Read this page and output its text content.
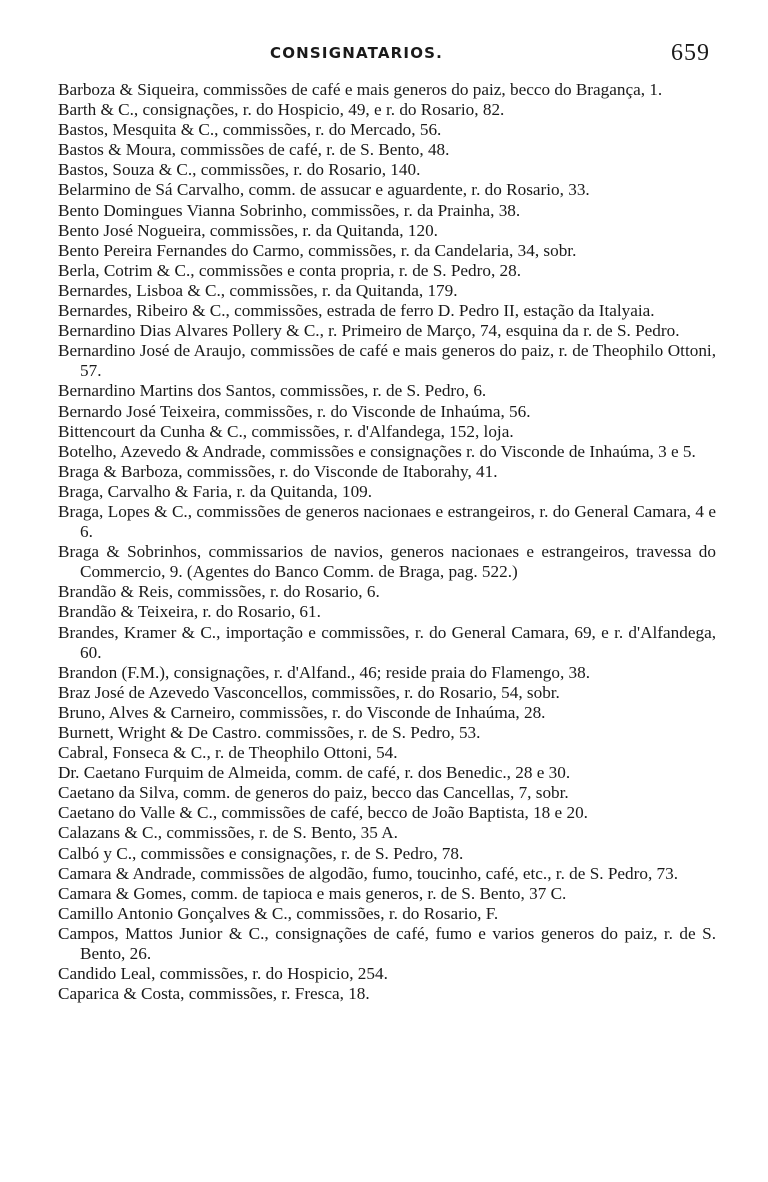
CONSIGNATARIOS.	659

Barboza & Siqueira, commissões de café e mais generos do paiz, becco do Bragança, 1.

Barth & C., consignações, r. do Hospicio, 49, e r. do Rosario, 82.

Bastos, Mesquita & C., commissões, r. do Mercado, 56.

Bastos & Moura, commissões de café, r. de S. Bento, 48.

Bastos, Souza & C., commissões, r. do Rosario, 140.

Belarmino de Sá Carvalho, comm. de assucar e aguardente, r. do Rosario, 33.

Bento Domingues Vianna Sobrinho, commissões, r. da Prainha, 38.

Bento José Nogueira, commissões, r. da Quitanda, 120.

Bento Pereira Fernandes do Carmo, commissões, r. da Candelaria, 34, sobr.

Berla, Cotrim & C., commissões e conta propria, r. de S. Pedro, 28.

Bernardes, Lisboa & C., commissões, r. da Quitanda, 179.

Bernardes, Ribeiro & C., commissões, estrada de ferro D. Pedro II, estação da Italyaia.

Bernardino Dias Alvares Pollery & C., r. Primeiro de Março, 74, esquina da r. de S. Pedro.

Bernardino José de Araujo, commissões de café e mais generos do paiz, r. de Theophilo Ottoni, 57.

Bernardino Martins dos Santos, commissões, r. de S. Pedro, 6.

Bernardo José Teixeira, commissões, r. do Visconde de Inhaúma, 56.

Bittencourt da Cunha & C., commissões, r. d'Alfandega, 152, loja.

Botelho, Azevedo & Andrade, commissões e consignações r. do Visconde de Inhaúma, 3 e 5.

Braga & Barboza, commissões, r. do Visconde de Itaborahy, 41.

Braga, Carvalho & Faria, r. da Quitanda, 109.

Braga, Lopes & C., commissões de generos nacionaes e estrangeiros, r. do General Camara, 4 e 6.

Braga & Sobrinhos, commissarios de navios, generos nacionaes e estrangeiros, travessa do Commercio, 9. (Agentes do Banco Comm. de Braga, pag. 522.)

Brandão & Reis, commissões, r. do Rosario, 6.

Brandão & Teixeira, r. do Rosario, 61.

Brandes, Kramer & C., importação e commissões, r. do General Camara, 69, e r. d'Alfandega, 60.

Brandon (F.M.), consignações, r. d'Alfand., 46; reside praia do Flamengo, 38.

Braz José de Azevedo Vasconcellos, commissões, r. do Rosario, 54, sobr.

Bruno, Alves & Carneiro, commissões, r. do Visconde de Inhaúma, 28.

Burnett, Wright & De Castro. commissões, r. de S. Pedro, 53.

Cabral, Fonseca & C., r. de Theophilo Ottoni, 54.

Dr. Caetano Furquim de Almeida, comm. de café, r. dos Benedic., 28 e 30.

Caetano da Silva, comm. de generos do paiz, becco das Cancellas, 7, sobr.

Caetano do Valle & C., commissões de café, becco de João Baptista, 18 e 20.

Calazans & C., commissões, r. de S. Bento, 35 A.

Calbó y C., commissões e consignações, r. de S. Pedro, 78.

Camara & Andrade, commissões de algodão, fumo, toucinho, café, etc., r. de S. Pedro, 73.

Camara & Gomes, comm. de tapioca e mais generos, r. de S. Bento, 37 C.

Camillo Antonio Gonçalves & C., commissões, r. do Rosario, F.

Campos, Mattos Junior & C., consignações de café, fumo e varios generos do paiz, r. de S. Bento, 26.

Candido Leal, commissões, r. do Hospicio, 254.

Caparica & Costa, commissões, r. Fresca, 18.
